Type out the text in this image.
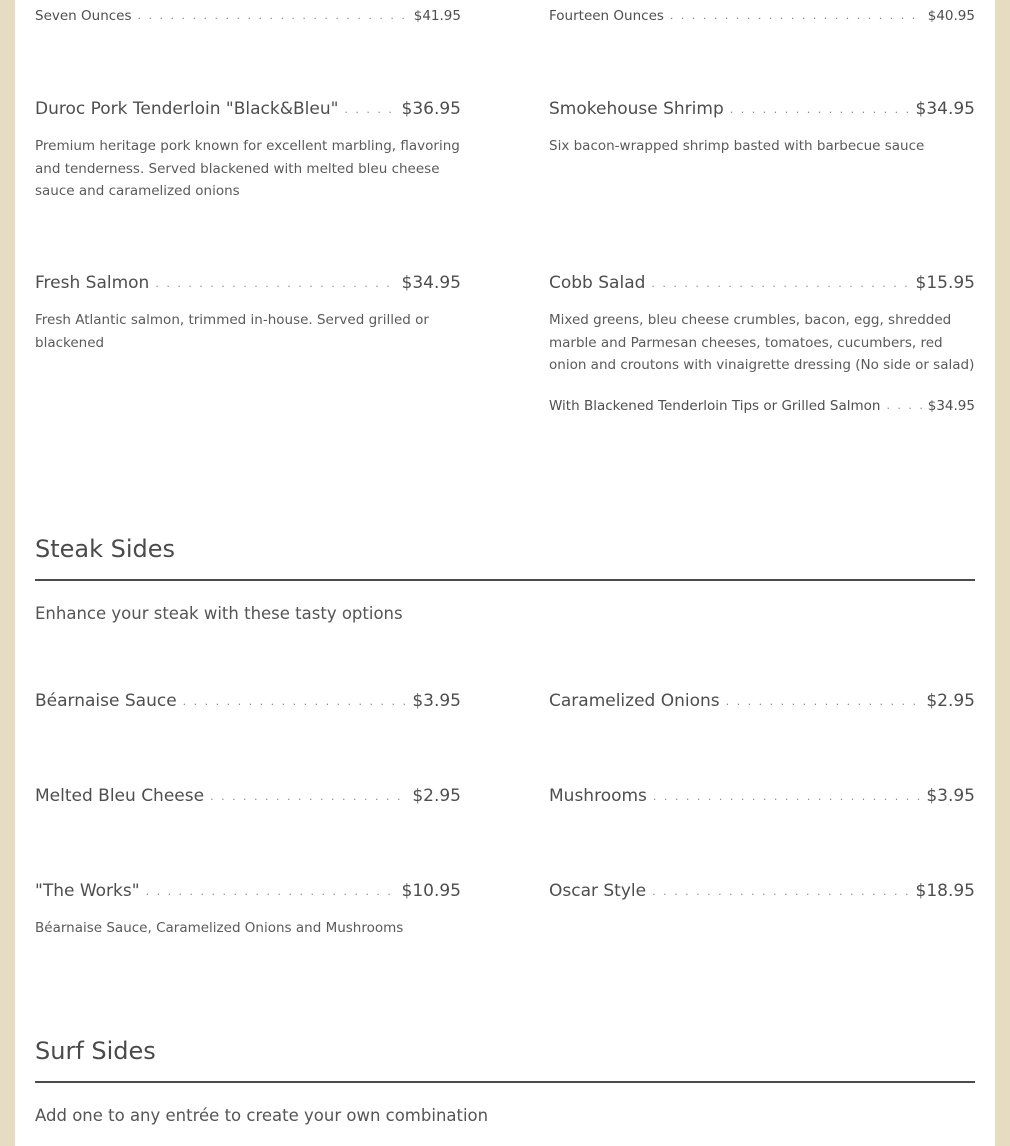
Seven Ounces . . .	$41.95	Fourteen Ounces . . .	$40.95
Duroc Pork Tenderloin "Black&Bleu" . . .	$36.95
Premium heritage pork known for excellent marbling, flavoring and tenderness. Served blackened with melted bleu cheese sauce and caramelized onions
Smokehouse Shrimp . . .	$34.95
Six bacon-wrapped shrimp basted with barbecue sauce
Fresh Salmon . . .	$34.95
Fresh Atlantic salmon, trimmed in-house. Served grilled or blackened
Cobb Salad . . .	$15.95
Mixed greens, bleu cheese crumbles, bacon, egg, shredded marble and Parmesan cheeses, tomatoes, cucumbers, red onion and croutons with vinaigrette dressing (No side or salad)
With Blackened Tenderloin Tips or Grilled Salmon . . .	$34.95
Steak Sides
Enhance your steak with these tasty options
Béarnaise Sauce . . .	$3.95	Caramelized Onions . . .	$2.95
Melted Bleu Cheese . . .	$2.95	Mushrooms . . .	$3.95
"The Works" . . .	$10.95
Béarnaise Sauce, Caramelized Onions and Mushrooms
Oscar Style . . .	$18.95
Surf Sides
Add one to any entrée to create your own combination
